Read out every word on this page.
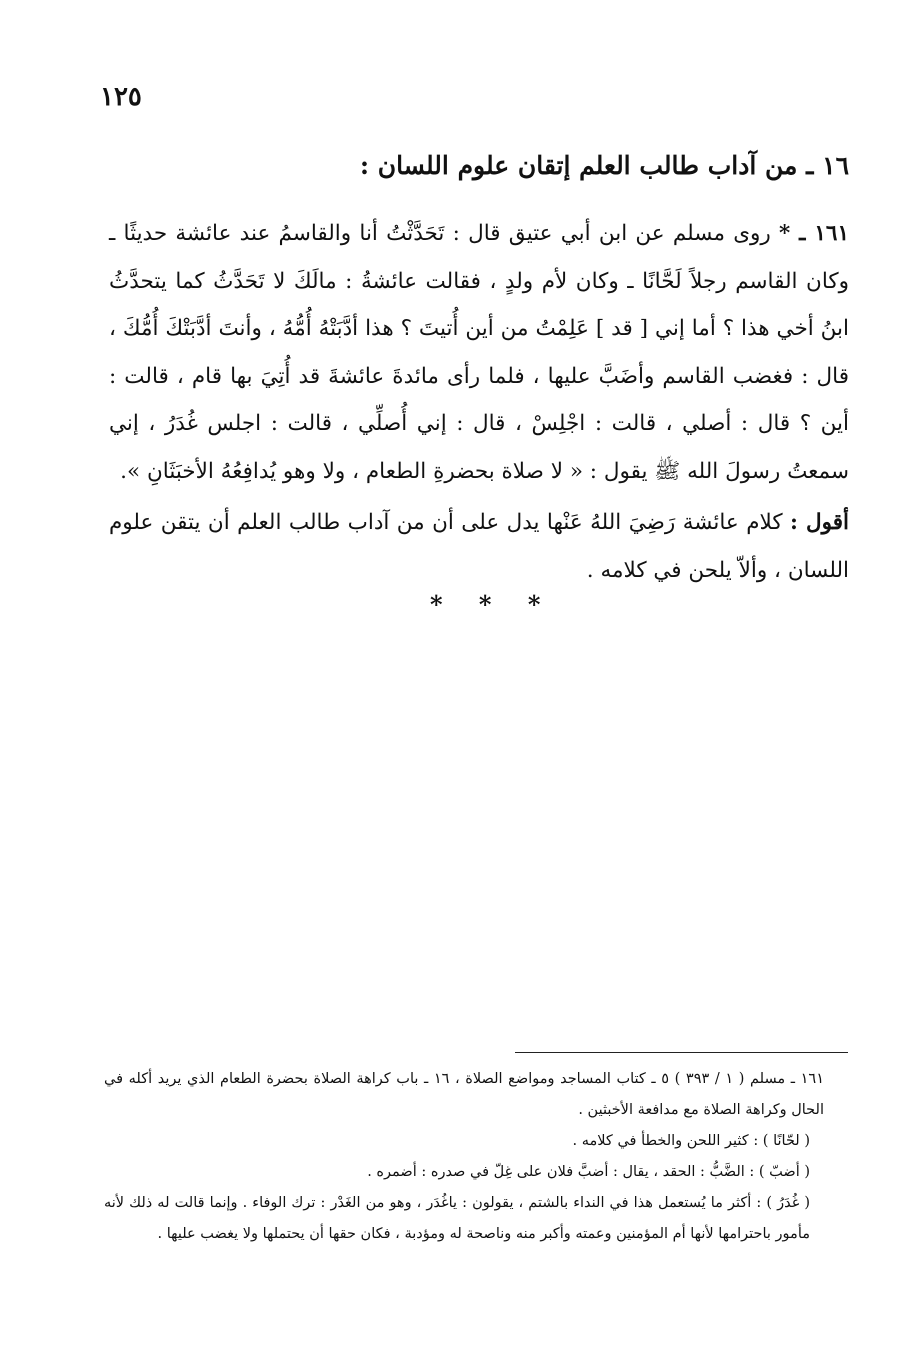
١٢٥
١٦ ـ من آداب طالب العلم إتقان علوم اللسان :

١٦١ ـ * روى مسلم عن ابن أبي عتيق قال : تَحَدَّثْتُ أنا والقاسمُ عند عائشة حديثًا ـ وكان القاسم رجلاً لَحَّانًا ـ وكان لأم ولدٍ ، فقالت عائشةُ : مالَكَ لا تَحَدَّثُ كما يتحدَّثُ ابنُ أخي هذا ؟ أما إني [ قد ] عَلِمْتُ من أين أُتيتَ ؟ هذا أدَّبَتْهُ أُمُّهُ ، وأنتَ أدَّبَتْكَ أُمُّكَ ، قال : فغضب القاسم وأضَبَّ عليها ، فلما رأى مائدةَ عائشةَ قد أُتِيَ بها قام ، قالت : أين ؟ قال : أصلي ، قالت : اجْلِسْ ، قال : إني أُصلِّي ، قالت : اجلس غُدَرُ ، إني سمعتُ رسولَ الله ﷺ يقول : « لا صلاة بحضرةِ الطعام ، ولا وهو يُدافِعُهُ الأخبَثَانِ ».

أقول : كلام عائشة رَضِيَ اللهُ عَنْها يدل على أن من آداب طالب العلم أن يتقن علوم اللسان ، وألاّ يلحن في كلامه .

* * *

١٦١ ـ مسلم ( ١ / ٣٩٣ ) ٥ ـ كتاب المساجد ومواضع الصلاة ، ١٦ ـ باب كراهة الصلاة بحضرة الطعام الذي يريد أكله في الحال وكراهة الصلاة مع مدافعة الأخبثين .

( لحّانًا ) : كثير اللحن والخطأ في كلامه .

( أضبّ ) : الضَّبُّ : الحقد ، يقال : أضبَّ فلان على غِلّ في صدره : أضمره .

( غُدَرُ ) : أكثر ما يُستعمل هذا في النداء بالشتم ، يقولون : ياغُدَر ، وهو من الغَدْر : ترك الوفاء . وإنما قالت له ذلك لأنه مأمور باحترامها لأنها أم المؤمنين وعمته وأكبر منه وناصحة له ومؤدبة ، فكان حقها أن يحتملها ولا يغضب عليها .
